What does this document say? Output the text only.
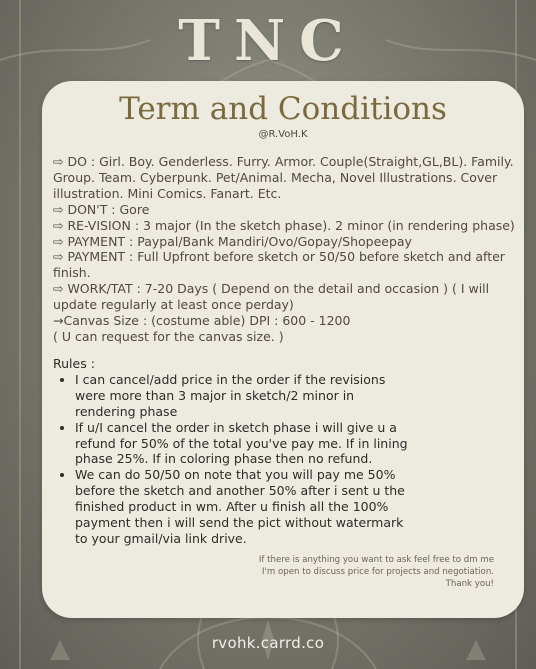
TNC
Term and Conditions
@R.VoH.K
⇨ DO : Girl. Boy. Genderless. Furry. Armor. Couple(Straight,GL,BL). Family. Group. Team. Cyberpunk. Pet/Animal. Mecha, Novel Illustrations. Cover illustration. Mini Comics. Fanart. Etc.
⇨ DON'T : Gore
⇨ RE-VISION : 3 major (In the sketch phase). 2 minor (in rendering phase)
⇨ PAYMENT : Paypal/Bank Mandiri/Ovo/Gopay/Shopeepay
⇨ PAYMENT : Full Upfront before sketch or 50/50 before sketch and after finish.
⇨ WORK/TAT : 7-20 Days ( Depend on the detail and occasion ) ( I will update regularly at least once perday)
→Canvas Size : (costume able) DPI : 600 - 1200
( U can request for the canvas size. )
Rules :
• I can cancel/add price in the order if the revisions were more than 3 major in sketch/2 minor in rendering phase
• If u/I cancel the order in sketch phase i will give u a refund for 50% of the total you've pay me. If in lining phase 25%. If in coloring phase then no refund.
• We can do 50/50 on note that you will pay me 50% before the sketch and another 50% after i sent u the finished product in wm. After u finish all the 100% payment then i will send the pict without watermark to your gmail/via link drive.
If there is anything you want to ask feel free to dm me
I'm open to discuss price for projects and negotiation.
Thank you!
rvohk.carrd.co
